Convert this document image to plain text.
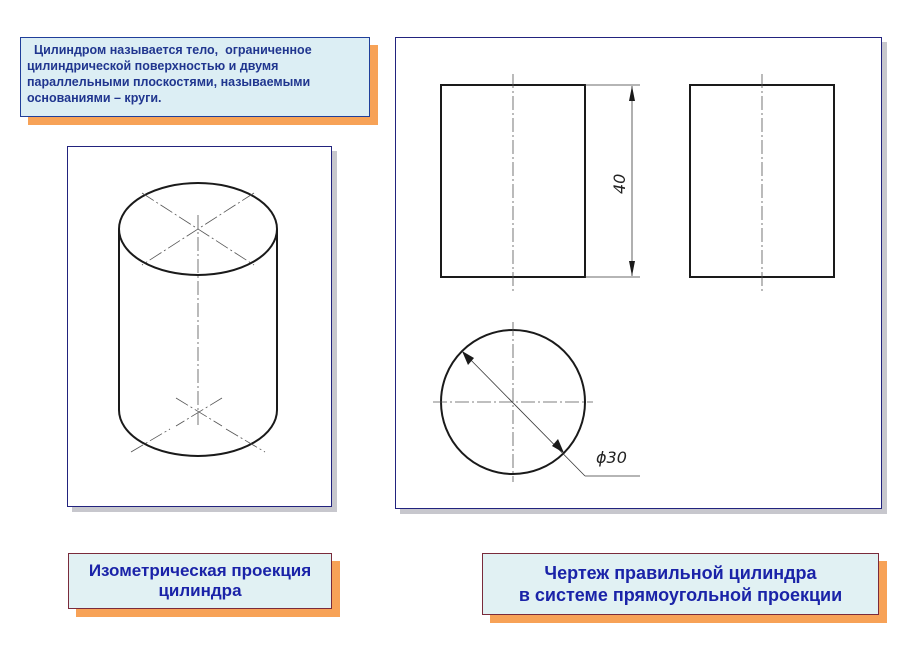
Цилиндром называется тело,  ограниченное
цилиндрической поверхностью и двумя
параллельными плоскостями, называемыми
основаниями – круги.
40
ϕ30
Изометрическая проекция
цилиндра
Чертеж правильной цилиндра
в системе прямоугольной проекции
